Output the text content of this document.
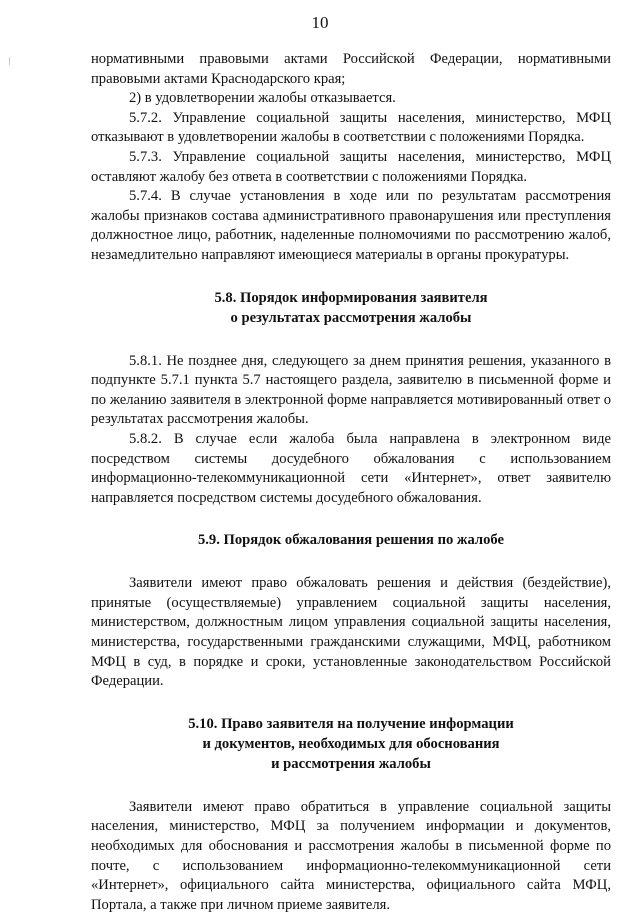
10

нормативными правовыми актами Российской Федерации, нормативными правовыми актами Краснодарского края;

2) в удовлетворении жалобы отказывается.

5.7.2. Управление социальной защиты населения, министерство, МФЦ отказывают в удовлетворении жалобы в соответствии с положениями Порядка.

5.7.3. Управление социальной защиты населения, министерство, МФЦ оставляют жалобу без ответа в соответствии с положениями Порядка.

5.7.4. В случае установления в ходе или по результатам рассмотрения жалобы признаков состава административного правонарушения или преступления должностное лицо, работник, наделенные полномочиями по рассмотрению жалоб, незамедлительно направляют имеющиеся материалы в органы прокуратуры.

5.8. Порядок информирования заявителя

о результатах рассмотрения жалобы

5.8.1. Не позднее дня, следующего за днем принятия решения, указанного в подпункте 5.7.1 пункта 5.7 настоящего раздела, заявителю в письменной форме и по желанию заявителя в электронной форме направляется мотивированный ответ о результатах рассмотрения жалобы.

5.8.2. В случае если жалоба была направлена в электронном виде посредством системы досудебного обжалования с использованием информационно-телекоммуникационной сети «Интернет», ответ заявителю направляется посредством системы досудебного обжалования.

5.9. Порядок обжалования решения по жалобе

Заявители имеют право обжаловать решения и действия (бездействие), принятые (осуществляемые) управлением социальной защиты населения, министерством, должностным лицом управления социальной защиты населения, министерства, государственными гражданскими служащими, МФЦ, работником МФЦ в суд, в порядке и сроки, установленные законодательством Российской Федерации.

5.10. Право заявителя на получение информации

и документов, необходимых для обоснования

и рассмотрения жалобы

Заявители имеют право обратиться в управление социальной защиты населения, министерство, МФЦ за получением информации и документов, необходимых для обоснования и рассмотрения жалобы в письменной форме по почте, с использованием информационно-телекоммуникационной сети «Интернет», официального сайта министерства, официального сайта МФЦ, Портала, а также при личном приеме заявителя.
